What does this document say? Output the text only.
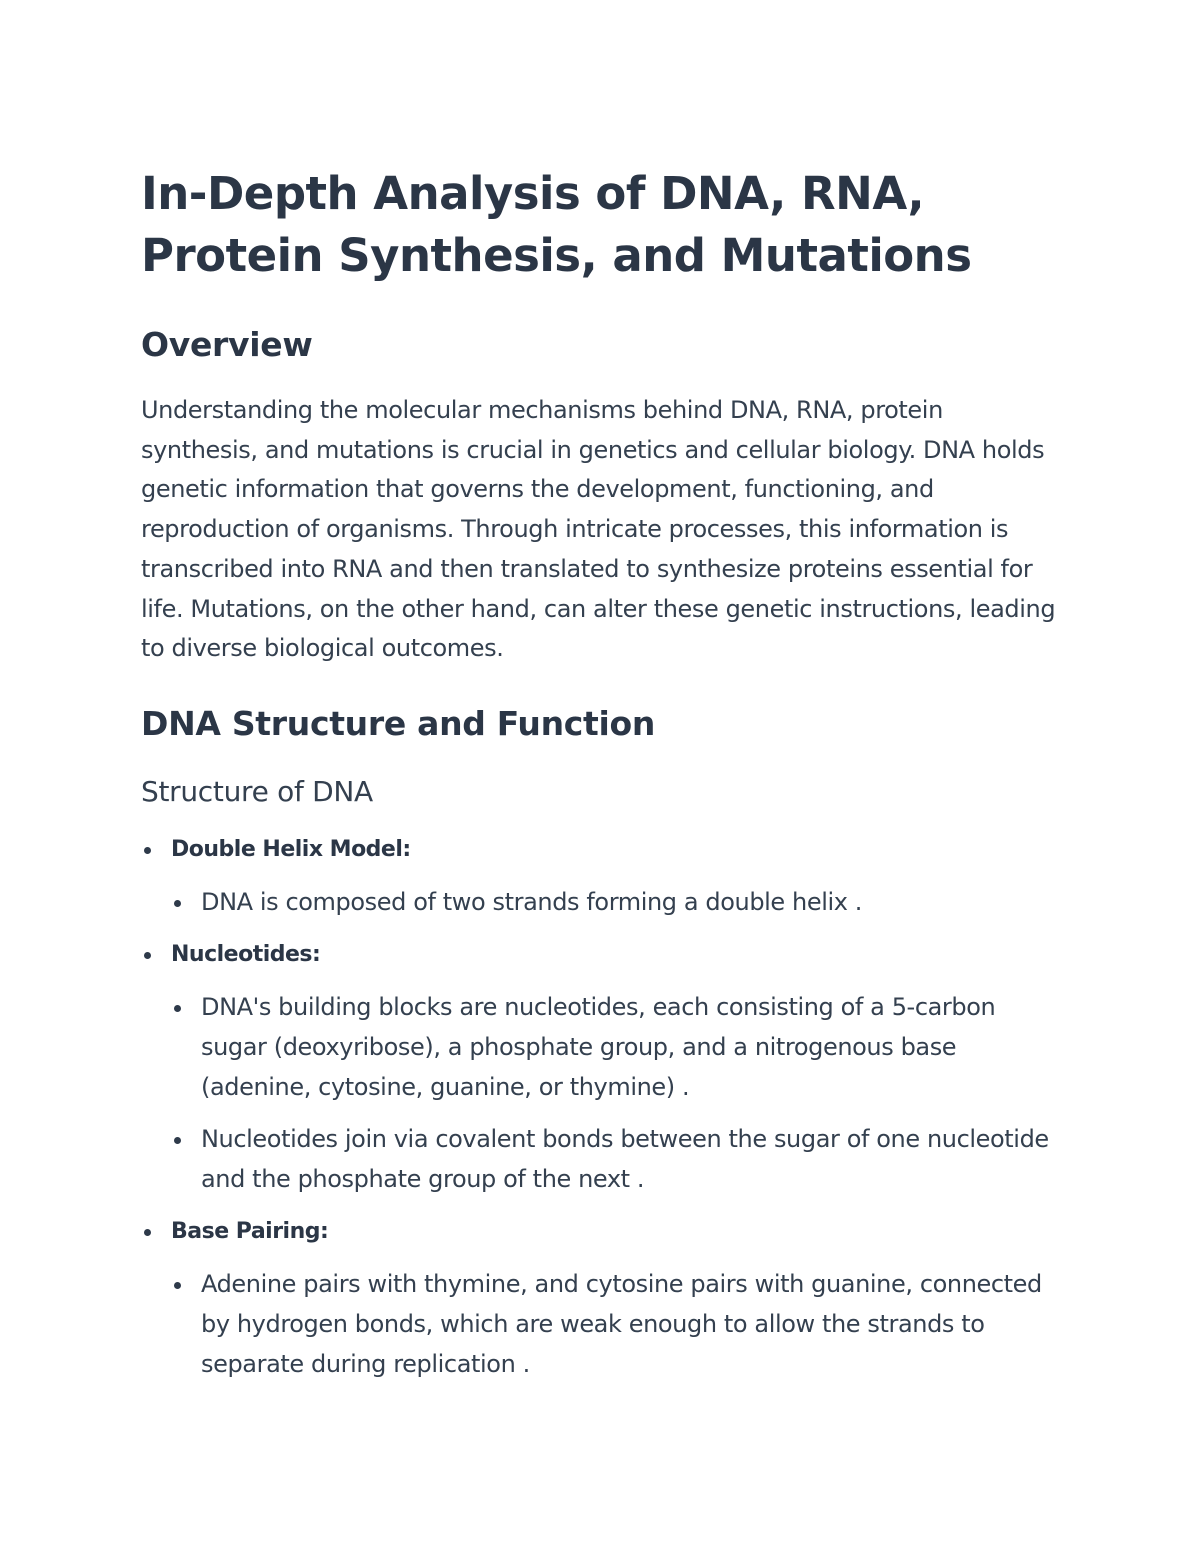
In-Depth Analysis of DNA, RNA, Protein Synthesis, and Mutations
Overview

Understanding the molecular mechanisms behind DNA, RNA, protein synthesis, and mutations is crucial in genetics and cellular biology. DNA holds genetic information that governs the development, functioning, and reproduction of organisms. Through intricate processes, this information is transcribed into RNA and then translated to synthesize proteins essential for life. Mutations, on the other hand, can alter these genetic instructions, leading to diverse biological outcomes.

DNA Structure and Function
Structure of DNA
Double Helix Model:
DNA is composed of two strands forming a double helix .
Nucleotides:
DNA's building blocks are nucleotides, each consisting of a 5-carbon sugar (deoxyribose), a phosphate group, and a nitrogenous base (adenine, cytosine, guanine, or thymine) .
Nucleotides join via covalent bonds between the sugar of one nucleotide and the phosphate group of the next .
Base Pairing:
Adenine pairs with thymine, and cytosine pairs with guanine, connected by hydrogen bonds, which are weak enough to allow the strands to separate during replication .
